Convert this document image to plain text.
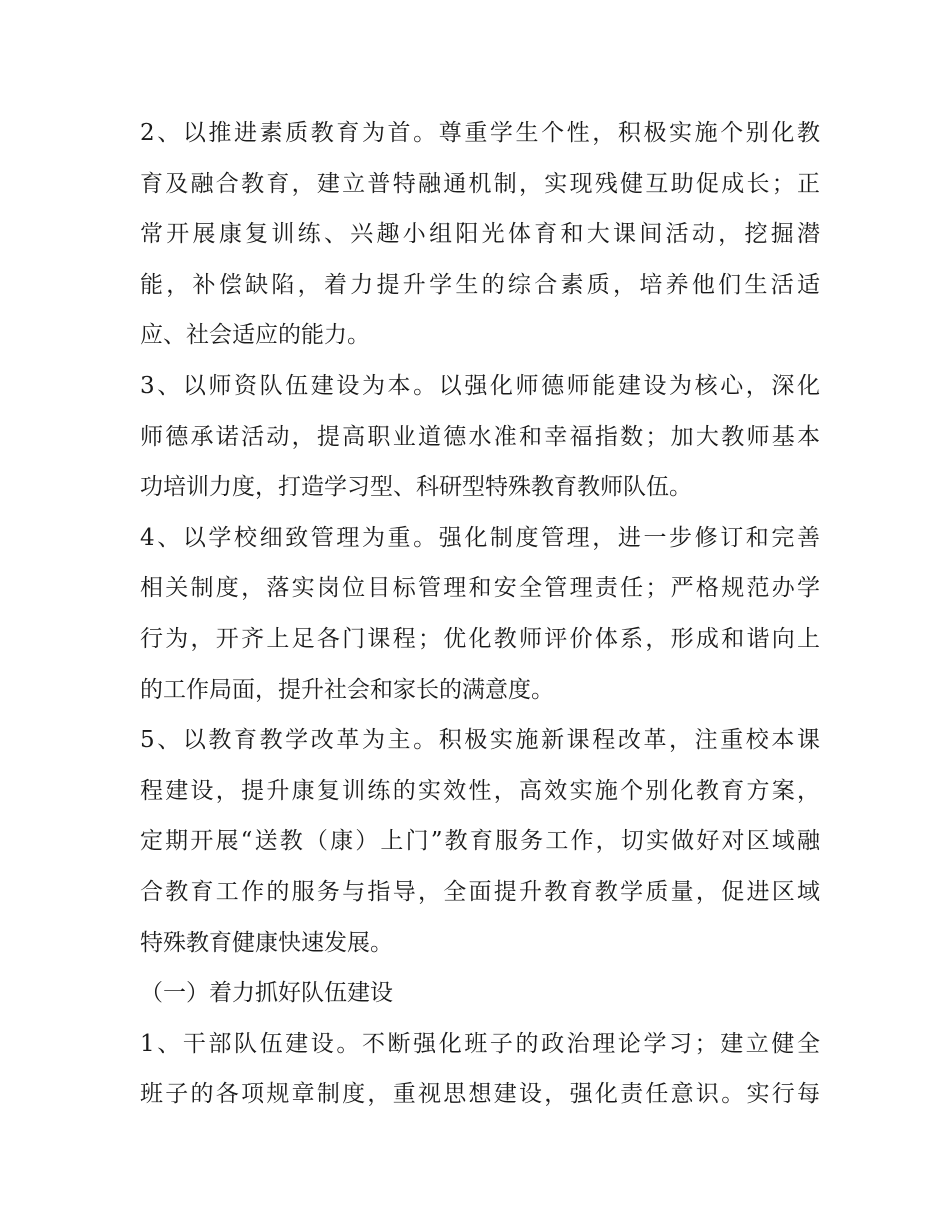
2、以推进素质教育为首。尊重学生个性，积极实施个别化教
育及融合教育，建立普特融通机制，实现残健互助促成长；正
常开展康复训练、兴趣小组阳光体育和大课间活动，挖掘潜
能，补偿缺陷，着力提升学生的综合素质，培养他们生活适
应、社会适应的能力。
3、以师资队伍建设为本。以强化师德师能建设为核心，深化
师德承诺活动，提高职业道德水准和幸福指数；加大教师基本
功培训力度，打造学习型、科研型特殊教育教师队伍。
4、以学校细致管理为重。强化制度管理，进一步修订和完善
相关制度，落实岗位目标管理和安全管理责任；严格规范办学
行为，开齐上足各门课程；优化教师评价体系，形成和谐向上
的工作局面，提升社会和家长的满意度。
5、以教育教学改革为主。积极实施新课程改革，注重校本课
程建设，提升康复训练的实效性，高效实施个别化教育方案，
定期开展“送教（康）上门”教育服务工作，切实做好对区域融
合教育工作的服务与指导，全面提升教育教学质量，促进区域
特殊教育健康快速发展。
（一）着力抓好队伍建设
1、干部队伍建设。不断强化班子的政治理论学习；建立健全
班子的各项规章制度，重视思想建设，强化责任意识。实行每
